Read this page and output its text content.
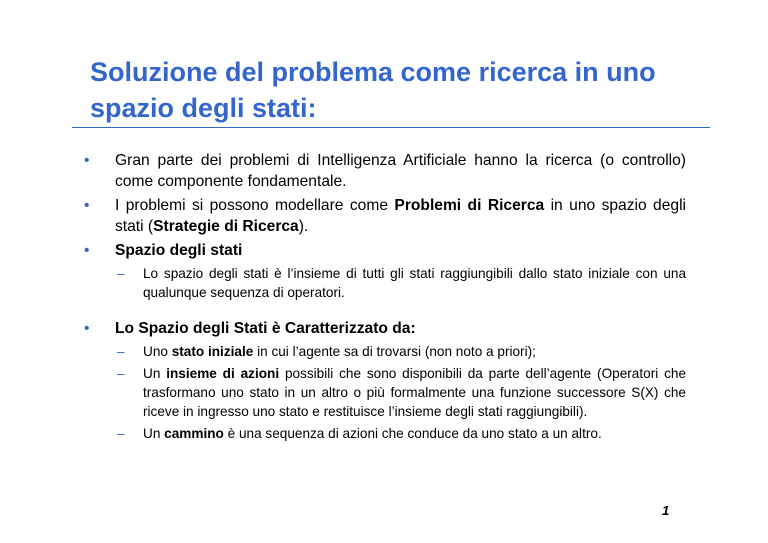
Soluzione del problema come ricerca in uno spazio degli stati:

• Gran parte dei problemi di Intelligenza Artificiale hanno la ricerca (o controllo) come componente fondamentale.

• I problemi si possono modellare come Problemi di Ricerca in uno spazio degli stati (Strategie di Ricerca).

• Spazio degli stati

– Lo spazio degli stati è l’insieme di tutti gli stati raggiungibili dallo stato iniziale con una qualunque sequenza di operatori.

• Lo Spazio degli Stati è Caratterizzato da:

– Uno stato iniziale in cui l’agente sa di trovarsi (non noto a priori);

– Un insieme di azioni possibili che sono disponibili da parte dell’agente (Operatori che trasformano uno stato in un altro o più formalmente una funzione successore S(X) che riceve in ingresso uno stato e restituisce l’insieme degli stati raggiungibili).

– Un cammino è una sequenza di azioni che conduce da uno stato a un altro.

1
